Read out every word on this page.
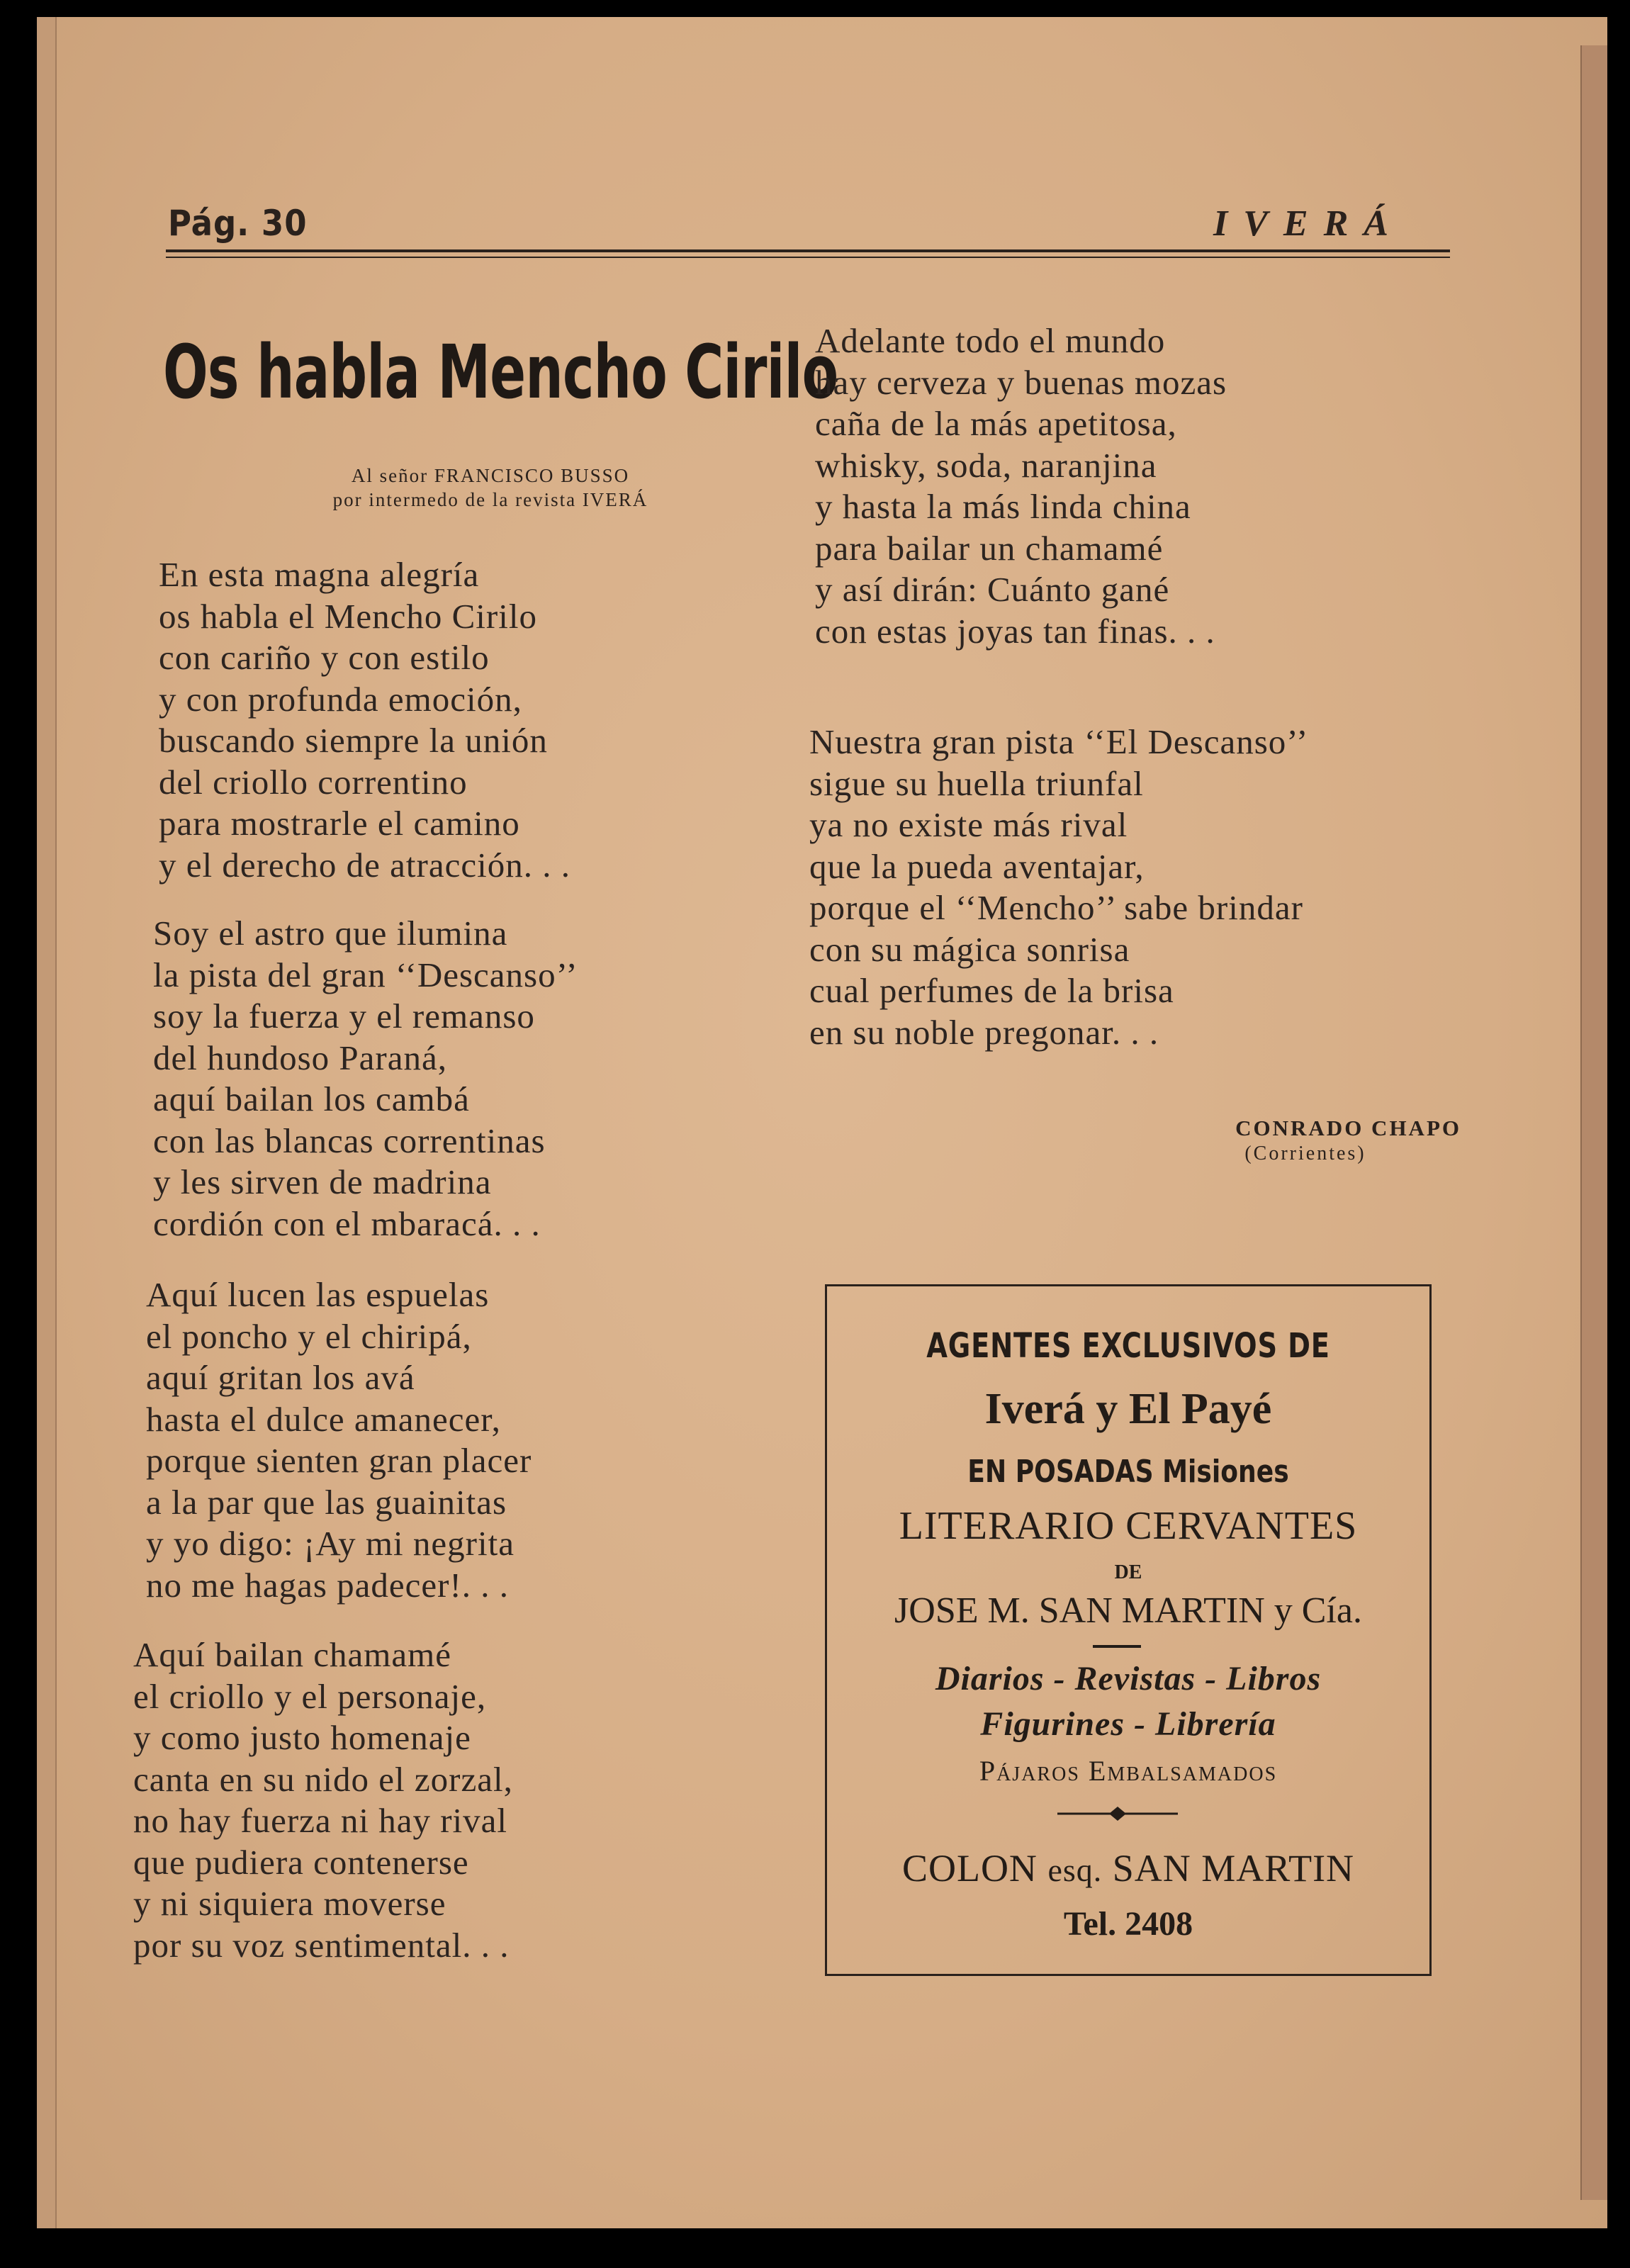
Pág. 30	IVERÁ
Os habla Mencho Cirilo
Al señor FRANCISCO BUSSO
por intermedo de la revista IVERÁ
En esta magna alegría
os habla el Mencho Cirilo
con cariño y con estilo
y con profunda emoción,
buscando siempre la unión
del criollo correntino
para mostrarle el camino
y el derecho de atracción. . .
Soy el astro que ilumina
la pista del gran ‘‘Descanso’’
soy la fuerza y el remanso
del hundoso Paraná,
aquí bailan los cambá
con las blancas correntinas
y les sirven de madrina
cordión con el mbaracá. . .
Aquí lucen las espuelas
el poncho y el chiripá,
aquí gritan los avá
hasta el dulce amanecer,
porque sienten gran placer
a la par que las guainitas
y yo digo: ¡Ay mi negrita
no me hagas padecer!. . .
Aquí bailan chamamé
el criollo y el personaje,
y como justo homenaje
canta en su nido el zorzal,
no hay fuerza ni hay rival
que pudiera contenerse
y ni siquiera moverse
por su voz sentimental. . .
Adelante todo el mundo
hay cerveza y buenas mozas
caña de la más apetitosa,
whisky, soda, naranjina
y hasta la más linda china
para bailar un chamamé
y así dirán: Cuánto gané
con estas joyas tan finas. . .
Nuestra gran pista ‘‘El Descanso’’
sigue su huella triunfal
ya no existe más rival
que la pueda aventajar,
porque el ‘‘Mencho’’ sabe brindar
con su mágica sonrisa
cual perfumes de la brisa
en su noble pregonar. . .
CONRADO CHAPO
(Corrientes)
AGENTES EXCLUSIVOS DE
Iverá y El Payé
EN POSADAS Misiones
LITERARIO CERVANTES
DE
JOSE M. SAN MARTIN y Cía.
Diarios - Revistas - Libros
Figurines - Librería
Pájaros Embalsamados
COLON esq. SAN MARTIN
Tel. 2408
